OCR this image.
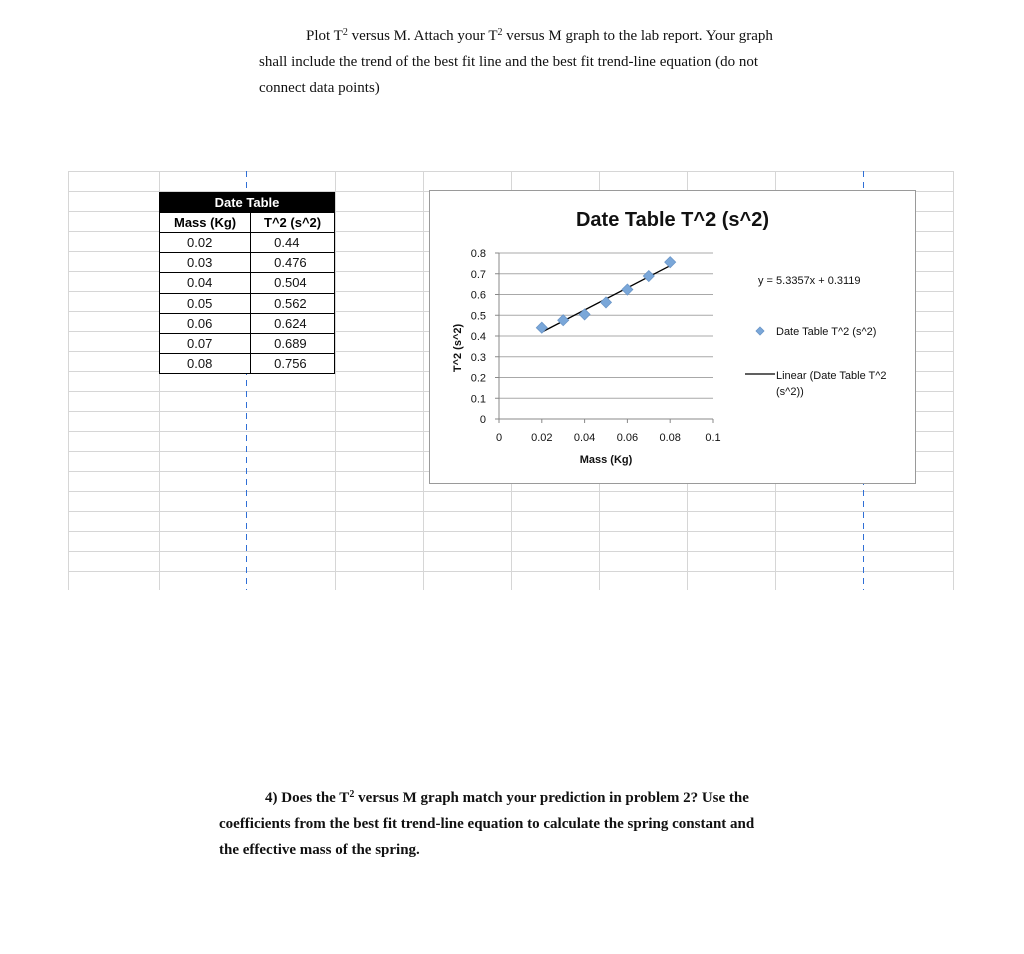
Plot $T^2$ versus M. Attach your $T^2$ versus M graph to the lab report. Your graph
shall include the trend of the best fit line and the best fit trend-line equation (do not
connect data points)
Date Table	
Mass (Kg)	T^2 (s^2)
0.02	0.44
0.03	0.476
0.04	0.504
0.05	0.562
0.06	0.624
0.07	0.689
0.08	0.756
Date Table T^2 (s^2)
0
0.1
0.2
0.3
0.4
0.5
0.6
0.7
0.8
0	0.02 0.04 0.06 0.08 0.1
Mass (Kg)
T^2 (s^2)
y = 5.3357x + 0.3119
Date Table T^2 (s^2)
Linear (Date Table T^2
(s^2))
4) Does the $T^2$ versus M graph match your prediction in problem 2? Use the
coefficients from the best fit trend-line equation to calculate the spring constant and
the effective mass of the spring.
